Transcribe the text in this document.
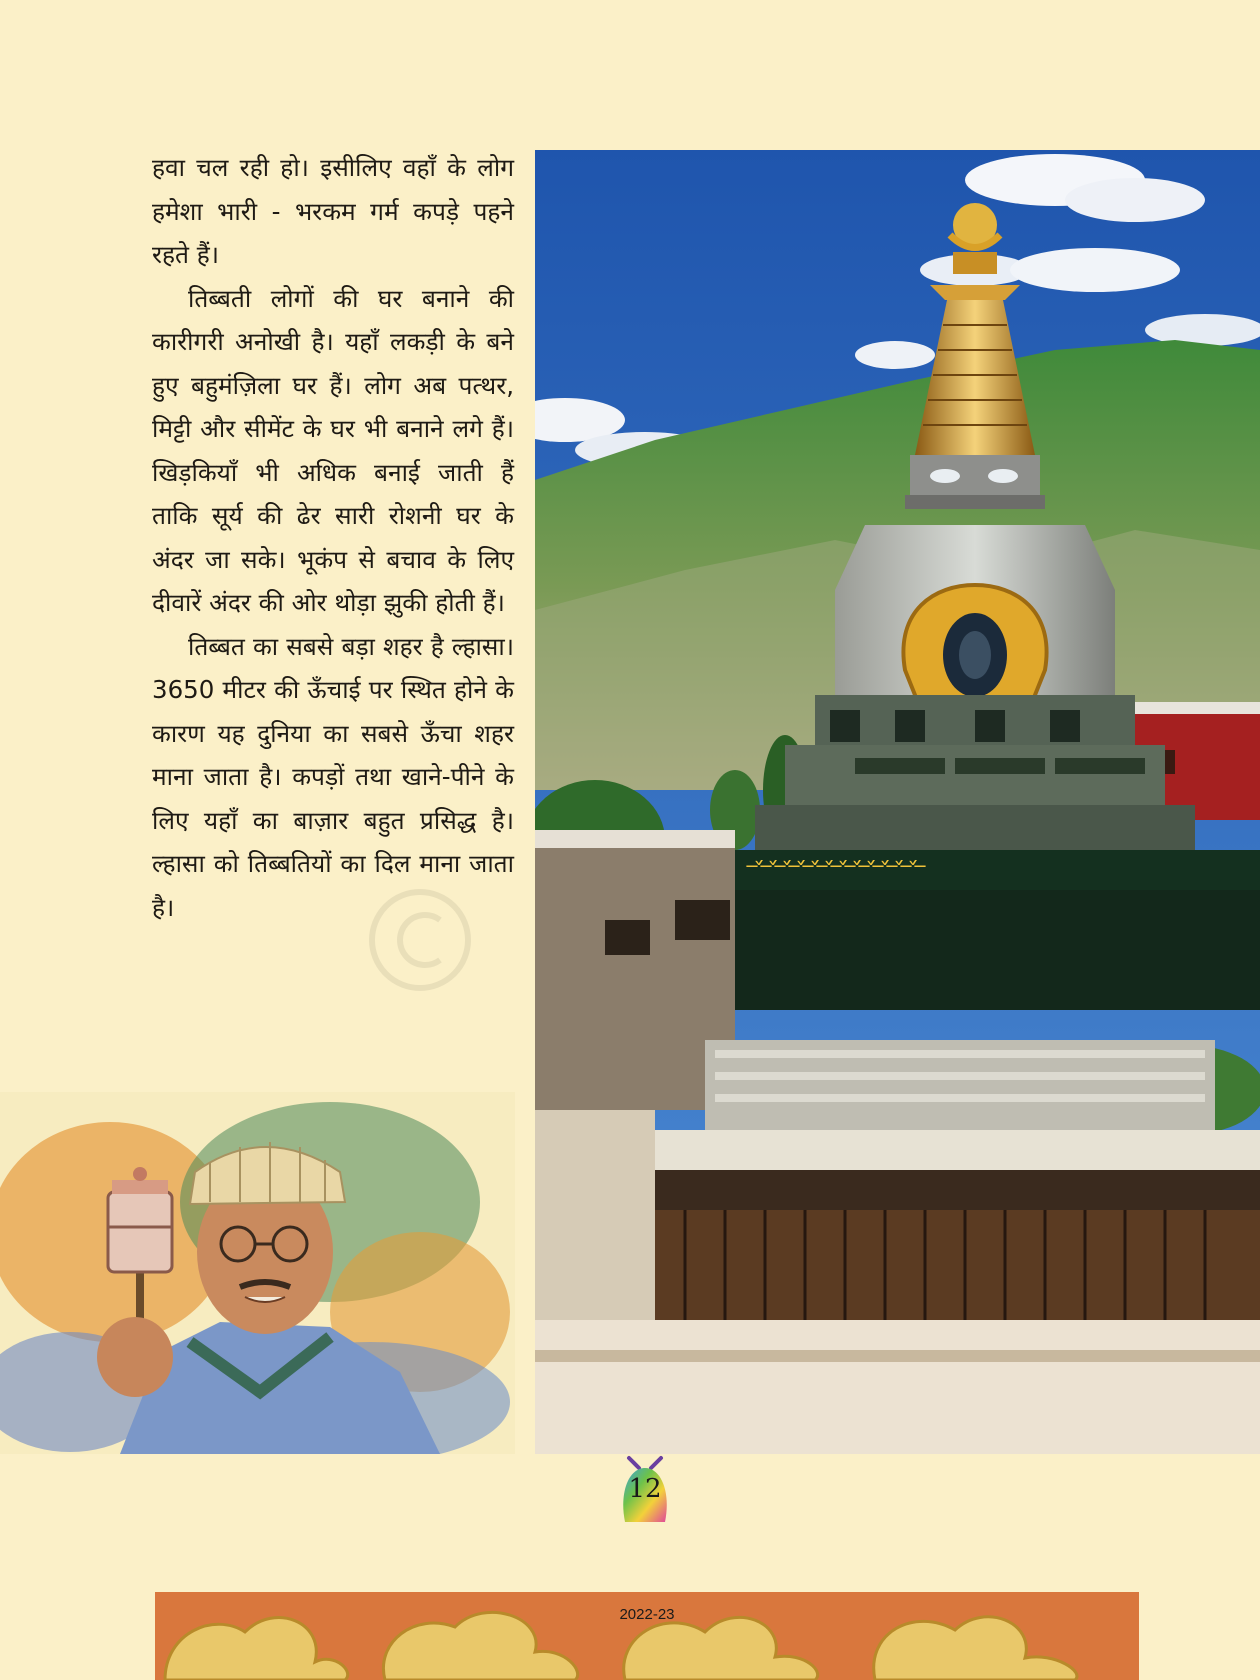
हवा चल रही हो। इसीलिए वहाँ के लोग हमेशा भारी - भरकम गर्म कपड़े पहने रहते हैं।

तिब्बती लोगों की घर बनाने की कारीगरी अनोखी है। यहाँ लकड़ी के बने हुए बहुमंज़िला घर हैं। लोग अब पत्थर, मिट्टी और सीमेंट के घर भी बनाने लगे हैं। खिड़कियाँ भी अधिक बनाई जाती हैं ताकि सूर्य की ढेर सारी रोशनी घर के अंदर जा सके। भूकंप से बचाव के लिए दीवारें अंदर की ओर थोड़ा झुकी होती हैं।

तिब्बत का सबसे बड़ा शहर है ल्हासा। 3650 मीटर की ऊँचाई पर स्थित होने के कारण यह दुनिया का सबसे ऊँचा शहर माना जाता है। कपड़ों तथा खाने-पीने के लिए यहाँ का बाज़ार बहुत प्रसिद्ध है। ल्हासा को तिब्बतियों का दिल माना जाता है।

ꣻ꣺ꣻ꣺ꣻ꣺ꣻ꣺ꣻ꣺ꣻ꣺ꣻ꣺ꣻ꣺ꣻ꣺ꣻ꣺ꣻ꣺ꣻ꣺ꣻ
12
2022-23
